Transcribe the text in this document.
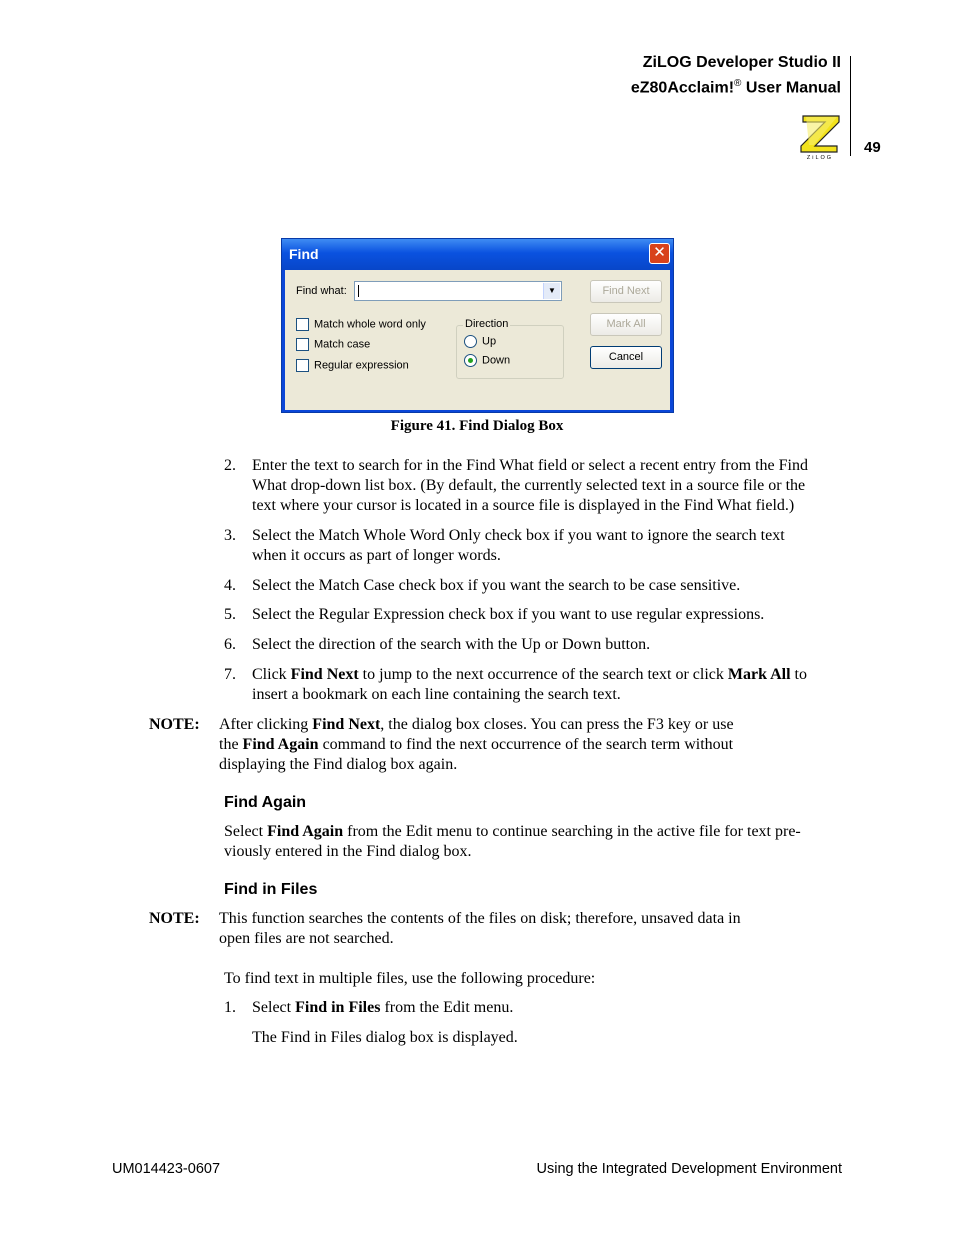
ZiLOG Developer Studio II
eZ80Acclaim!® User Manual
ZiLOG
49
Find	✕
Find what:	▼
Match whole word only
Match case
Regular expression
Direction
Up
Down
Find Next
Mark All
Cancel
Figure 41. Find Dialog Box
2. Enter the text to search for in the Find What field or select a recent entry from the Find
What drop-down list box. (By default, the currently selected text in a source file or the
text where your cursor is located in a source file is displayed in the Find What field.)
3. Select the Match Whole Word Only check box if you want to ignore the search text
when it occurs as part of longer words.
4. Select the Match Case check box if you want the search to be case sensitive.
5. Select the Regular Expression check box if you want to use regular expressions.
6. Select the direction of the search with the Up or Down button.
7. Click Find Next to jump to the next occurrence of the search text or click Mark All to
insert a bookmark on each line containing the search text.
NOTE: After clicking Find Next, the dialog box closes. You can press the F3 key or use
the Find Again command to find the next occurrence of the search term without
displaying the Find dialog box again.
Find Again
Select Find Again from the Edit menu to continue searching in the active file for text pre-
viously entered in the Find dialog box.
Find in Files
NOTE: This function searches the contents of the files on disk; therefore, unsaved data in
open files are not searched.
To find text in multiple files, use the following procedure:
1. Select Find in Files from the Edit menu.
The Find in Files dialog box is displayed.
UM014423-0607	Using the Integrated Development Environment
